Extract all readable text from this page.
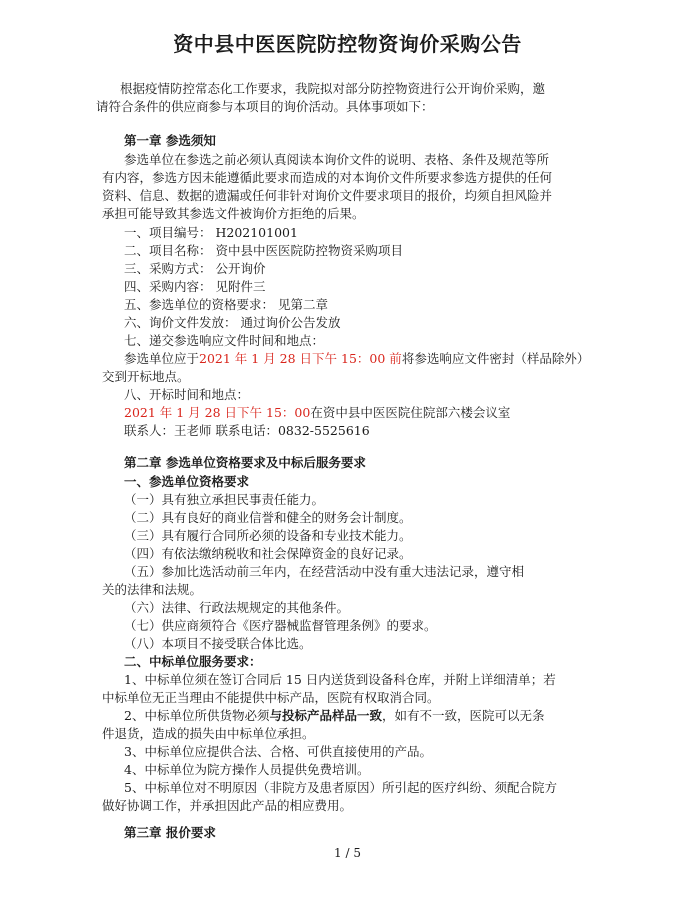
资中县中医医院防控物资询价采购公告
根据疫情防控常态化工作要求，我院拟对部分防控物资进行公开询价采购，邀
请符合条件的供应商参与本项目的询价活动。具体事项如下：
第一章 参选须知
参选单位在参选之前必须认真阅读本询价文件的说明、表格、条件及规范等所
有内容，参选方因未能遵循此要求而造成的对本询价文件所要求参选方提供的任何
资料、信息、数据的遗漏或任何非针对询价文件要求项目的报价，均须自担风险并
承担可能导致其参选文件被询价方拒绝的后果。
一、项目编号： H202101001
二、项目名称： 资中县中医医院防控物资采购项目
三、采购方式： 公开询价
四、采购内容： 见附件三
五、参选单位的资格要求： 见第二章
六、询价文件发放： 通过询价公告发放
七、递交参选响应文件时间和地点：
参选单位应于2021 年 1 月 28 日下午 15：00 前将参选响应文件密封（样品除外）
交到开标地点。
八、开标时间和地点：
2021 年 1 月 28 日下午 15：00在资中县中医医院住院部六楼会议室
联系人：王老师 联系电话：0832-5525616
第二章 参选单位资格要求及中标后服务要求
一、参选单位资格要求
（一）具有独立承担民事责任能力。
（二）具有良好的商业信誉和健全的财务会计制度。
（三）具有履行合同所必须的设备和专业技术能力。
（四）有依法缴纳税收和社会保障资金的良好记录。
（五）参加比选活动前三年内，在经营活动中没有重大违法记录，遵守相
关的法律和法规。
（六）法律、行政法规规定的其他条件。
（七）供应商须符合《医疗器械监督管理条例》的要求。
（八）本项目不接受联合体比选。
二、中标单位服务要求：
1、中标单位须在签订合同后 15 日内送货到设备科仓库，并附上详细清单；若
中标单位无正当理由不能提供中标产品，医院有权取消合同。
2、中标单位所供货物必须与投标产品样品一致，如有不一致，医院可以无条
件退货，造成的损失由中标单位承担。
3、中标单位应提供合法、合格、可供直接使用的产品。
4、中标单位为院方操作人员提供免费培训。
5、中标单位对不明原因（非院方及患者原因）所引起的医疗纠纷、须配合院方
做好协调工作，并承担因此产品的相应费用。
第三章 报价要求
1 / 5
